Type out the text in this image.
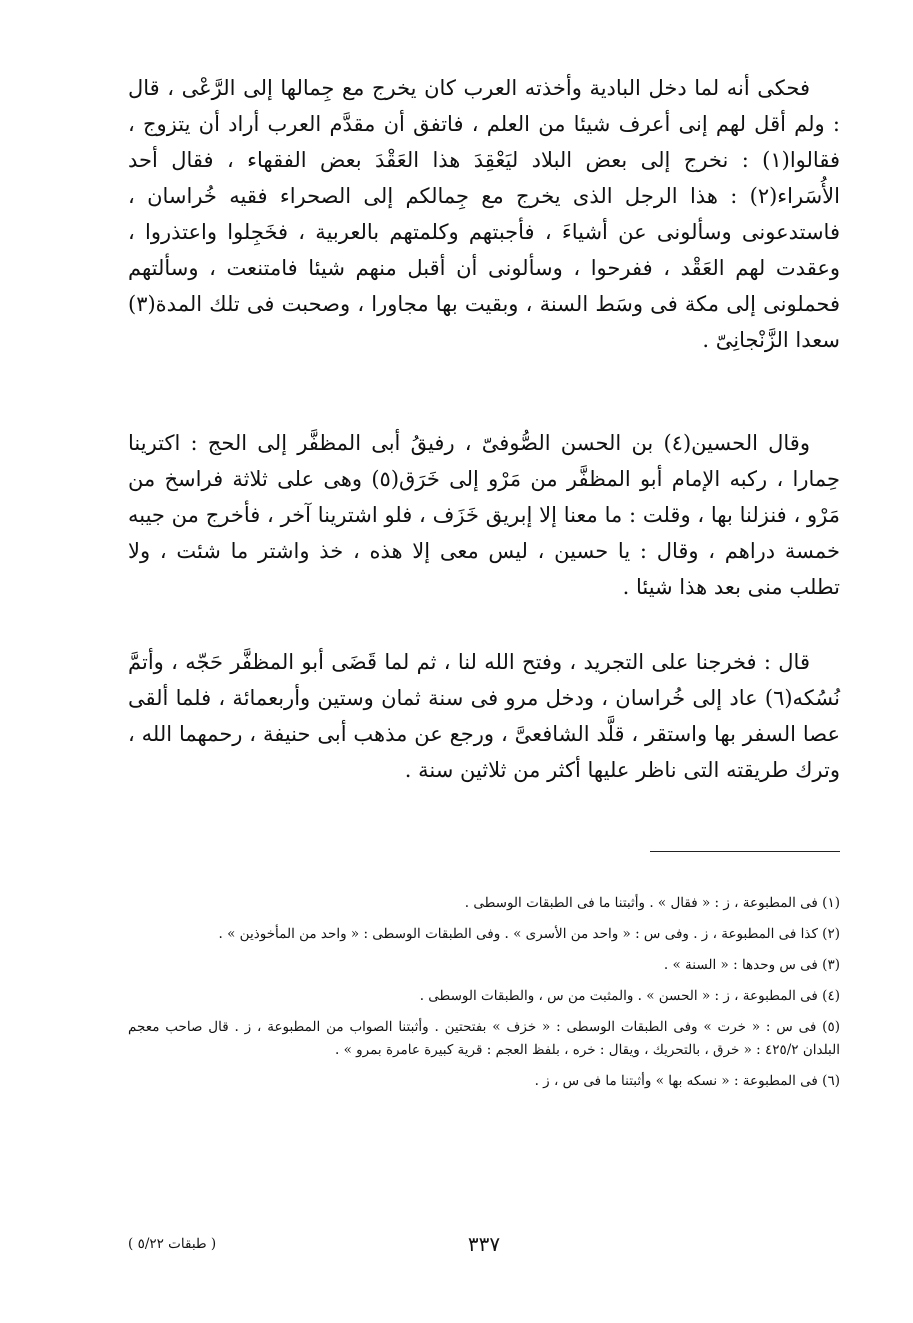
فحكى أنه لما دخل البادية وأخذته العرب كان يخرج مع جِمالها إلى الرَّعْى ، قال : ولم أقل لهم إنى أعرف شيئا من العلم ، فاتفق أن مقدَّم العرب أراد أن يتزوج ، فقالوا(١) : نخرج إلى بعض البلاد ليَعْقِدَ هذا العَقْدَ بعض الفقهاء ، فقال أحد الأُسَراء(٢) : هذا الرجل الذى يخرج مع جِمالكم إلى الصحراء فقيه خُراسان ، فاستدعونى وسألونى عن أشياءَ ، فأجبتهم وكلمتهم بالعربية ، فخَجِلوا واعتذروا ، وعقدت لهم العَقْد ، ففرحوا ، وسألونى أن أقبل منهم شيئا فامتنعت ، وسألتهم فحملونى إلى مكة فى وسَط السنة ، وبقيت بها مجاورا ، وصحبت فى تلك المدة(٣) سعدا الزَّنْجانِىّ .

وقال الحسين(٤) بن الحسن الصُّوفىّ ، رفيقُ أبى المظفَّر إلى الحج : اكترينا حِمارا ، ركبه الإمام أبو المظفَّر من مَرْو إلى خَرَق(٥) وهى على ثلاثة فراسخ من مَرْو ، فنزلنا بها ، وقلت : ما معنا إلا إبريق خَزَف ، فلو اشترينا آخر ، فأخرج من جيبه خمسة دراهم ، وقال : يا حسين ، ليس معى إلا هذه ، خذ واشتر ما شئت ، ولا تطلب منى بعد هذا شيئا .

قال : فخرجنا على التجريد ، وفتح الله لنا ، ثم لما قَضَى أبو المظفَّر حَجّه ، وأتمَّ نُسُكه(٦) عاد إلى خُراسان ، ودخل مرو فى سنة ثمان وستين وأربعمائة ، فلما ألقى عصا السفر بها واستقر ، قلَّد الشافعىَّ ، ورجع عن مذهب أبى حنيفة ، رحمهما الله ، وترك طريقته التى ناظر عليها أكثر من ثلاثين سنة .

(١) فى المطبوعة ، ز : « فقال » . وأثبتنا ما فى الطبقات الوسطى .

(٢) كذا فى المطبوعة ، ز . وفى س : « واحد من الأسرى » . وفى الطبقات الوسطى : « واحد من المأخوذين » .

(٣) فى س وحدها : « السنة » .

(٤) فى المطبوعة ، ز : « الحسن » . والمثبت من س ، والطبقات الوسطى .

(٥) فى س : « خرت » وفى الطبقات الوسطى : « خزف » بفتحتين . وأثبتنا الصواب من المطبوعة ، ز . قال صاحب معجم البلدان ٤٢٥/٢ : « خرق ، بالتحريك ، ويقال : خره ، بلفظ العجم : قرية كبيرة عامرة بمرو » .

(٦) فى المطبوعة : « نسكه بها » وأثبتنا ما فى س ، ز .

٣٣٧
( طبقات ٥/٢٢ )
